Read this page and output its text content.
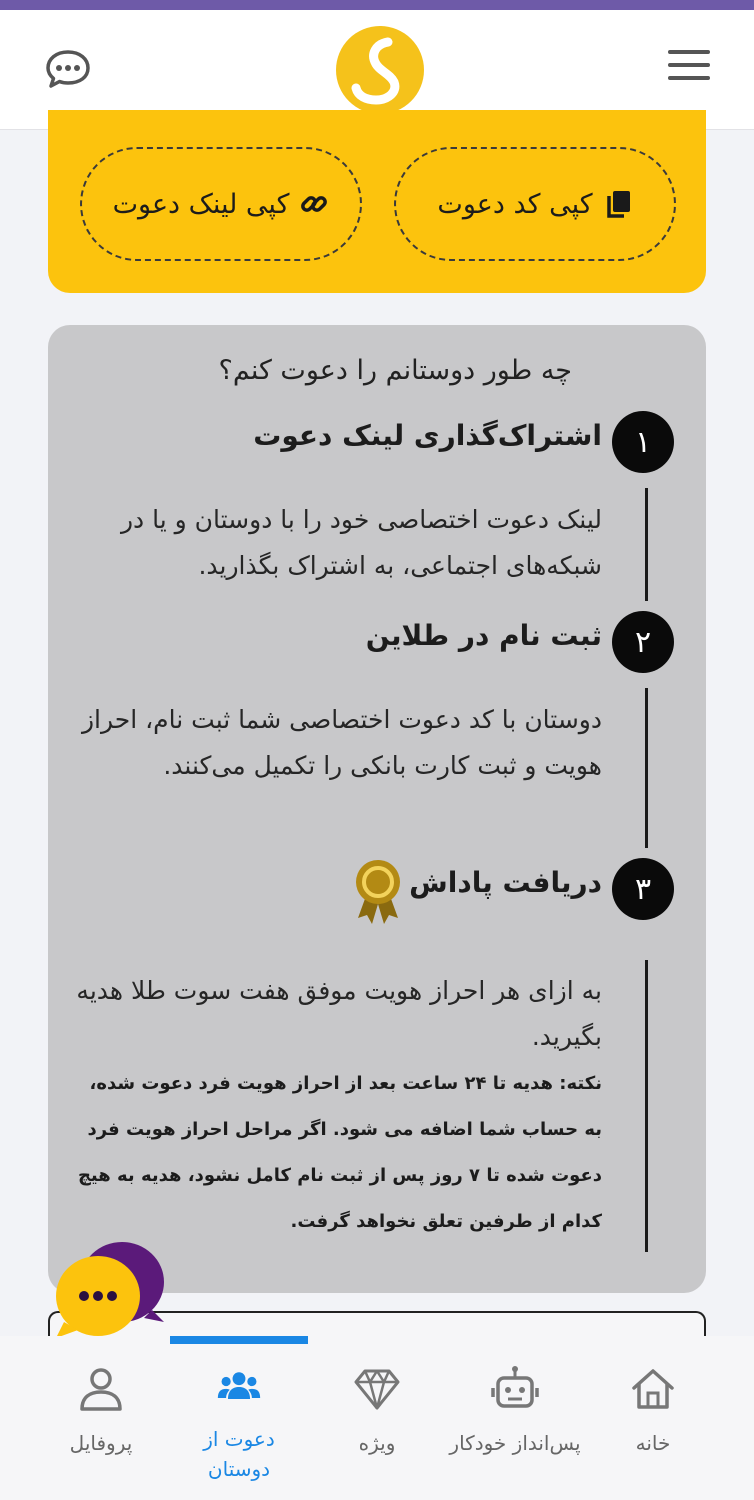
کپی کد دعوت
کپی لینک دعوت
چه طور دوستانم را دعوت کنم؟
۱
اشتراک‌گذاری لینک دعوت
لینک دعوت اختصاصی خود را با دوستان و یا در شبکه‌های اجتماعی، به اشتراک بگذارید.
۲
ثبت نام در طلاین
دوستان با کد دعوت اختصاصی شما ثبت نام، احراز هویت و ثبت کارت بانکی را تکمیل می‌کنند.
۳
دریافت پاداش
به ازای هر احراز هویت موفق هفت سوت طلا هدیه بگیرید.
نکته: هدیه تا ۲۴ ساعت بعد از احراز هویت فرد دعوت شده، به حساب شما اضافه می شود. اگر مراحل احراز هویت فرد دعوت شده تا ۷ روز پس از ثبت نام کامل نشود، هدیه به هیچ کدام از طرفین تعلق نخواهد گرفت.
خانه
پس‌انداز خودکار
ویژه
دعوت از دوستان
پروفایل
